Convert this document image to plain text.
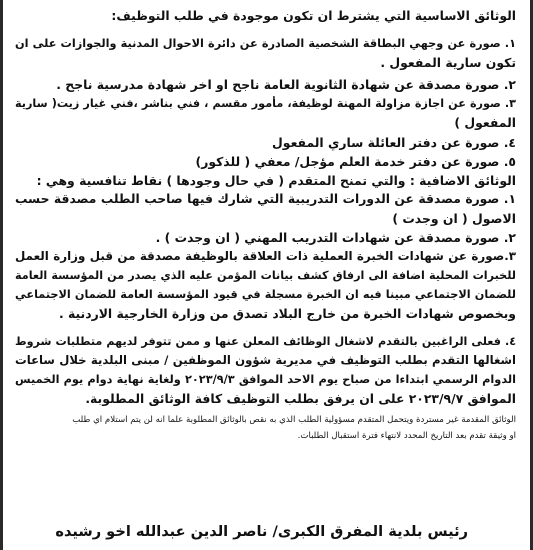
الوثائق الاساسية التي يشترط ان تكون موجودة في طلب التوظيف:
١. صورة عن وجهي البطاقة الشخصية الصادرة عن دائرة الاحوال المدنية والجوازات على ان
تكون سارية المفعول .
٢. صورة مصدقة عن شهادة الثانوية العامة ناجح او اخر شهادة مدرسية ناجح .
٣. صورة عن اجازة مزاولة المهنة لوظيفة، مأمور مقسم ، فني بناشر ،فني غيار زيت( سارية
المفعول )
٤. صورة عن دفتر العائلة ساري المفعول
٥. صورة عن دفتر خدمة العلم مؤجل/ معفي ( للذكور)
الوثائق الاضافية : والتي تمنح المتقدم ( في حال وجودها ) نقاط تنافسية وهي :
١. صورة مصدقة عن الدورات التدريبية التي شارك فيها صاحب الطلب مصدقة حسب
الاصول ( ان وجدت )
٢. صورة مصدقة عن شهادات التدريب المهني ( ان وجدت ) .
٣.صورة عن شهادات الخبرة العملية ذات العلاقة بالوظيفة مصدقة من قبل وزارة العمل
للخبرات المحلية اضافة الى ارفاق كشف بيانات المؤمن عليه الذي يصدر من المؤسسة العامة
للضمان الاجتماعي مبينا فيه ان الخبرة مسجلة في قيود المؤسسة العامة للضمان الاجتماعي
وبخصوص شهادات الخبرة من خارج البلاد تصدق من وزارة الخارجية الاردنية .
٤. فعلى الراغبين بالتقدم لاشغال الوظائف المعلن عنها و ممن تتوفر لديهم متطلبات شروط
اشغالها التقدم بطلب التوظيف في مديرية شؤون الموظفين / مبنى البلدية خلال ساعات
الدوام الرسمي ابتداءا من صباح يوم الاحد الموافق ٢٠٢٣/٩/٣ ولغاية نهاية دوام يوم الخميس
الموافق ٢٠٢٣/٩/٧ على ان يرفق بطلب التوظيف كافة الوثائق المطلوبة.
الوثائق المقدمة غير مستردة ويتحمل المتقدم مسؤولية الطلب الذي به نقص بالوثائق المطلوبة علما انه لن يتم استلام اي طلب
او وثيقة تقدم بعد التاريخ المحدد لانتهاء فترة استقبال الطلبات.
رئيس بلدية المفرق الكبرى/ ناصر الدين عبدالله اخو رشيده
